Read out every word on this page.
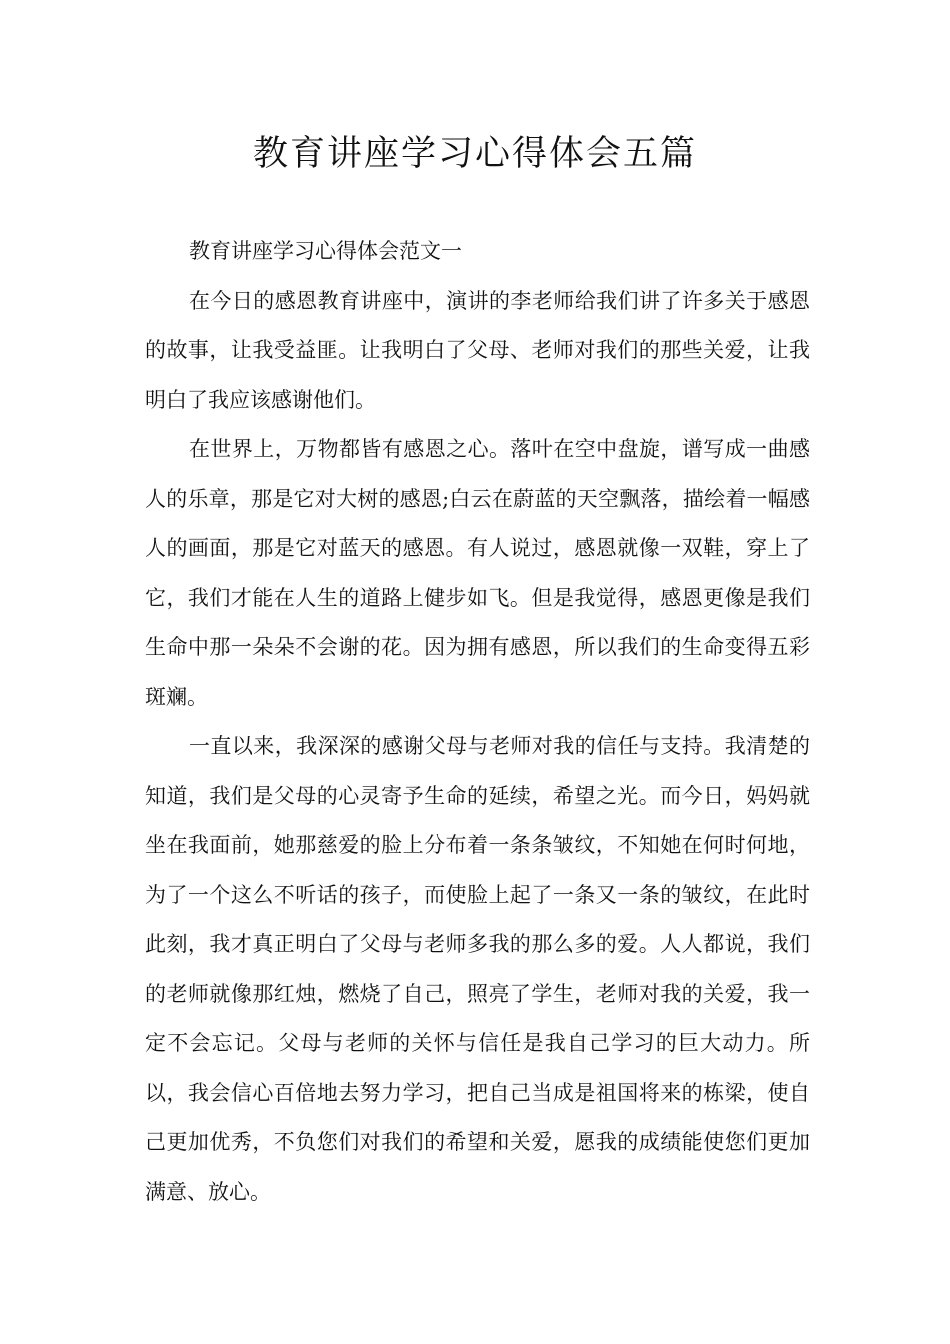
教育讲座学习心得体会五篇

教育讲座学习心得体会范文一

在今日的感恩教育讲座中，演讲的李老师给我们讲了许多关于感恩的故事，让我受益匪。让我明白了父母、老师对我们的那些关爱，让我明白了我应该感谢他们。

在世界上，万物都皆有感恩之心。落叶在空中盘旋，谱写成一曲感人的乐章，那是它对大树的感恩;白云在蔚蓝的天空飘落，描绘着一幅感人的画面，那是它对蓝天的感恩。有人说过，感恩就像一双鞋，穿上了它，我们才能在人生的道路上健步如飞。但是我觉得，感恩更像是我们生命中那一朵朵不会谢的花。因为拥有感恩，所以我们的生命变得五彩斑斓。

一直以来，我深深的感谢父母与老师对我的信任与支持。我清楚的知道，我们是父母的心灵寄予生命的延续，希望之光。而今日，妈妈就坐在我面前，她那慈爱的脸上分布着一条条皱纹，不知她在何时何地，为了一个这么不听话的孩子，而使脸上起了一条又一条的皱纹，在此时此刻，我才真正明白了父母与老师多我的那么多的爱。人人都说，我们的老师就像那红烛，燃烧了自己，照亮了学生，老师对我的关爱，我一定不会忘记。父母与老师的关怀与信任是我自己学习的巨大动力。所以，我会信心百倍地去努力学习，把自己当成是祖国将来的栋梁，使自己更加优秀，不负您们对我们的希望和关爱，愿我的成绩能使您们更加满意、放心。
